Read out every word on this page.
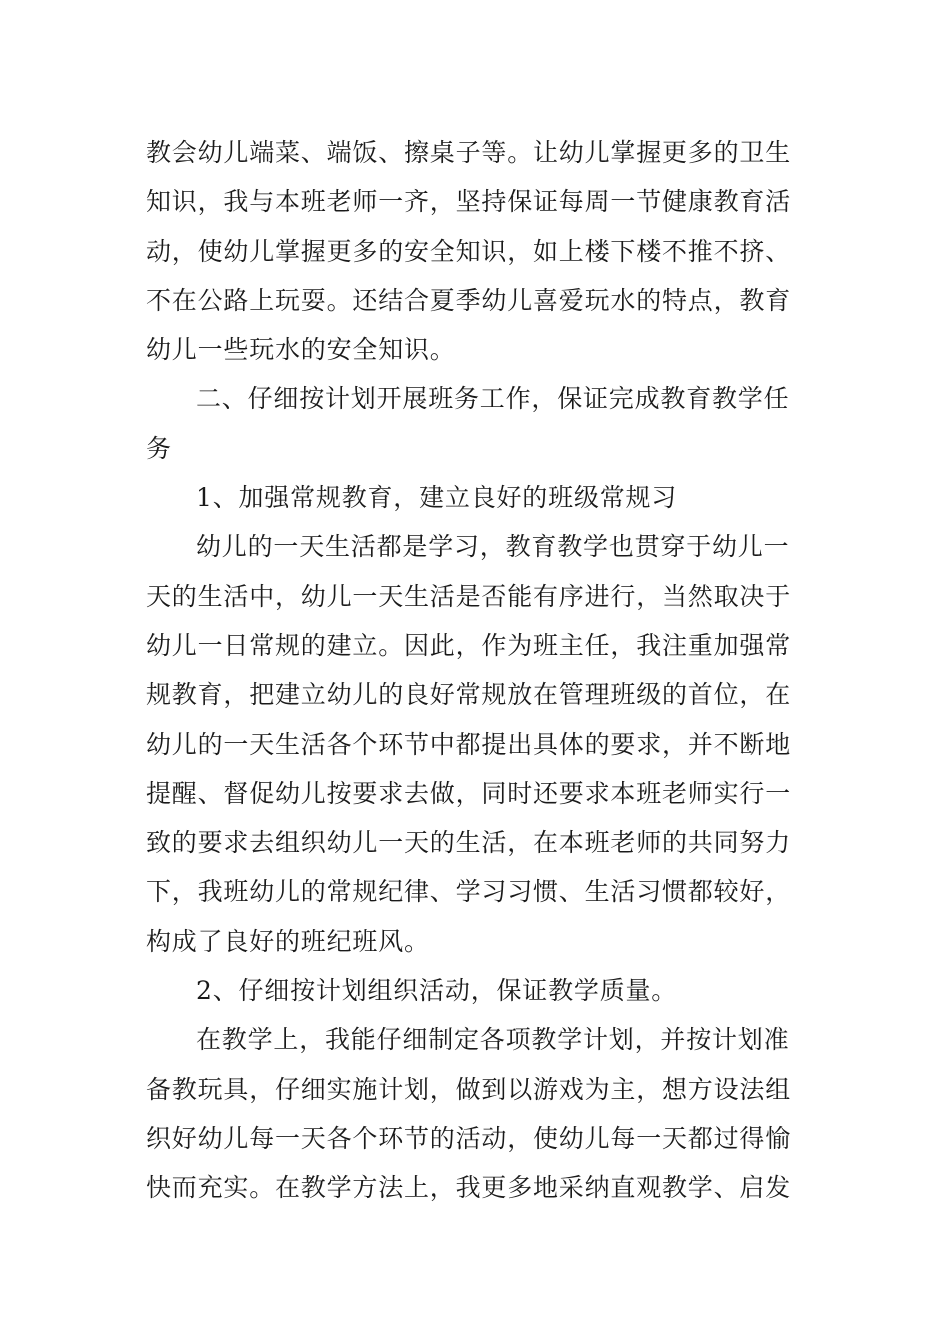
教会幼儿端菜、端饭、擦桌子等。让幼儿掌握更多的卫生
知识，我与本班老师一齐，坚持保证每周一节健康教育活
动，使幼儿掌握更多的安全知识，如上楼下楼不推不挤、
不在公路上玩耍。还结合夏季幼儿喜爱玩水的特点，教育
幼儿一些玩水的安全知识。
二、仔细按计划开展班务工作，保证完成教育教学任
务
1、加强常规教育，建立良好的班级常规习
幼儿的一天生活都是学习，教育教学也贯穿于幼儿一
天的生活中，幼儿一天生活是否能有序进行，当然取决于
幼儿一日常规的建立。因此，作为班主任，我注重加强常
规教育，把建立幼儿的良好常规放在管理班级的首位，在
幼儿的一天生活各个环节中都提出具体的要求，并不断地
提醒、督促幼儿按要求去做，同时还要求本班老师实行一
致的要求去组织幼儿一天的生活，在本班老师的共同努力
下，我班幼儿的常规纪律、学习习惯、生活习惯都较好，
构成了良好的班纪班风。
2、仔细按计划组织活动，保证教学质量。
在教学上，我能仔细制定各项教学计划，并按计划准
备教玩具，仔细实施计划，做到以游戏为主，想方设法组
织好幼儿每一天各个环节的活动，使幼儿每一天都过得愉
快而充实。在教学方法上，我更多地采纳直观教学、启发
